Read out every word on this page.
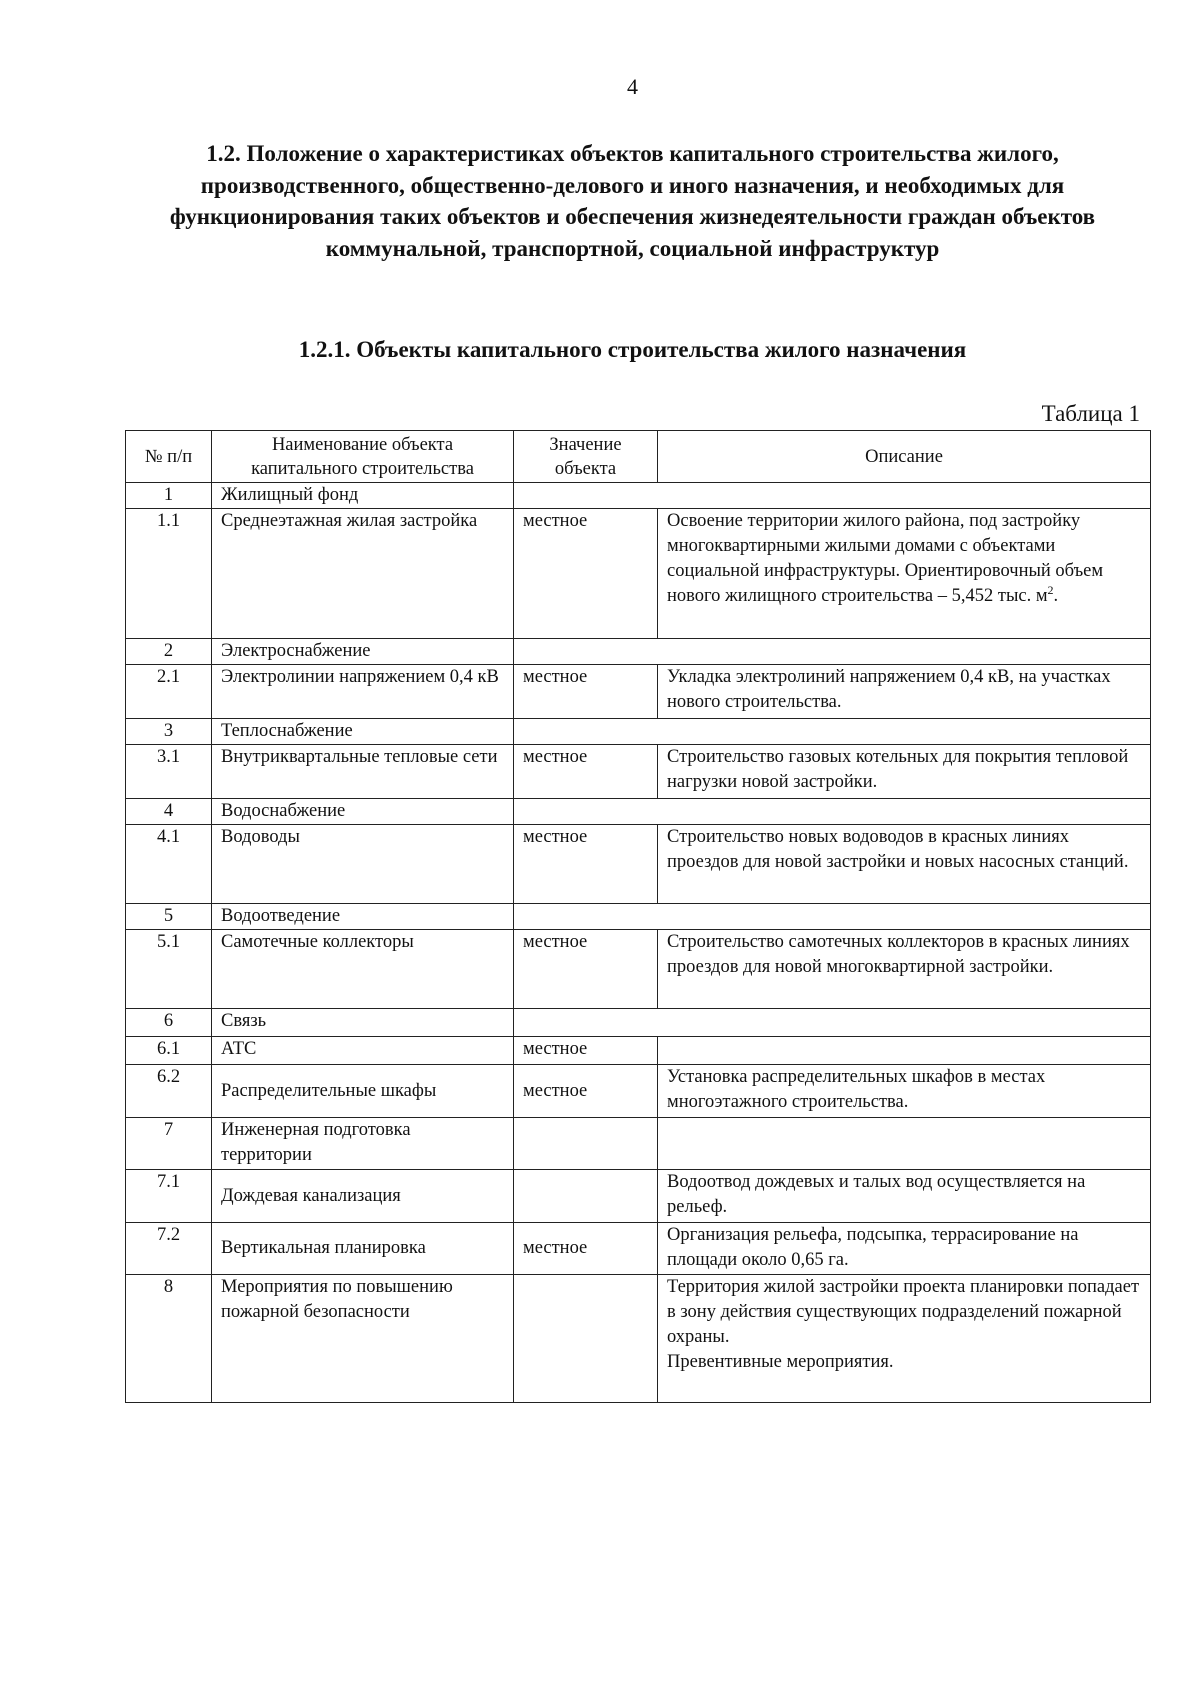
4
1.2. Положение о характеристиках объектов капитального строительства жилого, производственного, общественно-делового и иного назначения, и необходимых для функционирования таких объектов и обеспечения жизнедеятельности граждан объектов коммунальной, транспортной, социальной инфраструктур
1.2.1. Объекты капитального строительства жилого назначения
Таблица 1
№ п/п	Наименование объекта капитального строительства	Значение объекта	Описание
1	Жилищный фонд		
1.1	Среднеэтажная жилая застройка	местное	Освоение территории жилого района, под застройку многоквартирными жилыми домами с объектами социальной инфраструктуры. Ориентировочный объем нового жилищного строительства – 5,452 тыс. $м^2$.
2	Электроснабжение		
2.1	Электролинии напряжением 0,4 кВ	местное	Укладка электролиний напряжением 0,4 кВ, на участках нового строительства.
3	Теплоснабжение		
3.1	Внутриквартальные тепловые сети	местное	Строительство газовых котельных для покрытия тепловой нагрузки новой застройки.
4	Водоснабжение		
4.1	Водоводы	местное	Строительство новых водоводов в красных линиях проездов для новой застройки и новых насосных станций.
5	Водоотведение		
5.1	Самотечные коллекторы	местное	Строительство самотечных коллекторов в красных линиях проездов для новой многоквартирной застройки.
6	Связь		
6.1	АТС	местное	
6.2	Распределительные шкафы	местное	Установка распределительных шкафов в местах многоэтажного строительства.
7	Инженерная подготовка территории		
7.1	Дождевая канализация		Водоотвод дождевых и талых вод осуществляется на рельеф.
7.2	Вертикальная планировка	местное	Организация рельефа, подсыпка, террасирование на площади около 0,65 га.
8	Мероприятия по повышению пожарной безопасности		Территория жилой застройки проекта планировки попадает в зону действия существующих подразделений пожарной охраны.
Превентивные мероприятия.
